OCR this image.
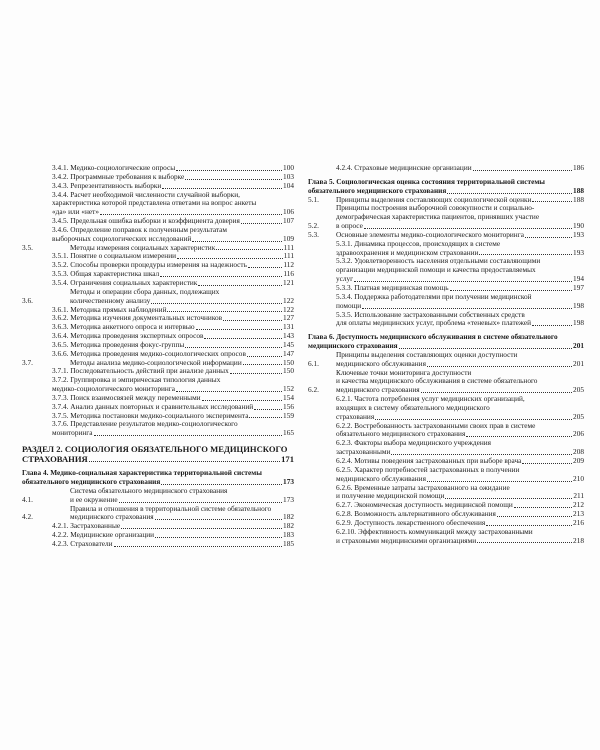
3.4.1. Медико-социологические опросы	100
3.4.2. Программные требования к выборке	103
3.4.3. Репрезентативность выборки	104
3.4.4. Расчет необходимой численности случайной выборки,
характеристика которой представлена ответами на вопрос анкеты
«да» или «нет»	106
3.4.5. Предельная ошибка выборки и коэффициента доверия	107
3.4.6. Определение поправок к полученным результатам
выборочных социологических исследований	109
3.5.	Методы измерения социальных характеристик	111
3.5.1. Понятие о социальном измерении	111
3.5.2. Способы проверки процедуры измерения на надежность	112
3.5.3. Общая характеристика шкал	116
3.5.4. Ограничения социальных характеристик	121
3.6.
Методы и операции сбора данных, подлежащих
количественному анализу	122
3.6.1. Методика прямых наблюдений	122
3.6.2. Методика изучения документальных источников	127
3.6.3. Методика анкетного опроса и интервью	131
3.6.4. Методика проведения экспертных опросов	143
3.6.5. Методика проведения фокус-группы	145
3.6.6. Методика проведения медико-социологических опросов	147
3.7.	Методы анализа медико-социологической информации	150
3.7.1. Последовательность действий при анализе данных	150
3.7.2. Группировка и эмпирическая типология данных
медико-социологического мониторинга	152
3.7.3. Поиск взаимосвязей между переменными	154
3.7.4. Анализ данных повторных и сравнительных исследований	156
3.7.5. Методика постановки медико-социального эксперимента	159
3.7.6. Представление результатов медико-социологического
мониторинга	165
РАЗДЕЛ 2. СОЦИОЛОГИЯ ОБЯЗАТЕЛЬНОГО МЕДИЦИНСКОГО
СТРАХОВАНИЯ	171
Глава 4. Медико-социальная характеристика территориальной системы
обязательного медицинского страхования	173
4.1.
Система обязательного медицинского страхования
и ее окружение	173
4.2.
Правила и отношения в территориальной системе обязательного
медицинского страхования	182
4.2.1. Застрахованные	182
4.2.2. Медицинские организации	183
4.2.3. Страхователи	185
4.2.4. Страховые медицинские организации	186
Глава 5. Социологическая оценка состояния территориальной системы
обязательного медицинского страхования	188
5.1.	Принципы выделения составляющих социологической оценки	188
5.2.
Принципы построения выборочной совокупности и социально-
демографическая характеристика пациентов, принявших участие
в опросе	190
5.3.	Основные элементы медико-социологического мониторинга	193
5.3.1. Динамика процессов, происходящих в системе
здравоохранения и медицинском страховании	193
5.3.2. Удовлетворенность населения отдельными составляющими
организации медицинской помощи и качества предоставляемых
услуг	194
5.3.3. Платная медицинская помощь	197
5.3.4. Поддержка работодателями при получении медицинской
помощи	198
5.3.5. Использование застрахованными собственных средств
для оплаты медицинских услуг, проблема «теневых» платежей	198
Глава 6. Доступность медицинского обслуживания в системе обязательного
медицинского страхования	201
6.1.
Принципы выделения составляющих оценки доступности
медицинского обслуживания	201
6.2.
Ключевые точки мониторинга доступности
и качества медицинского обслуживания в системе обязательного
медицинского страхования	205
6.2.1. Частота потребления услуг медицинских организаций,
входящих в систему обязательного медицинского
страхования	205
6.2.2. Востребованность застрахованными своих прав в системе
обязательного медицинского страхования	206
6.2.3. Факторы выбора медицинского учреждения
застрахованными	208
6.2.4. Мотивы поведения застрахованных при выборе врача	209
6.2.5. Характер потребностей застрахованных в получении
медицинского обслуживания	210
6.2.6. Временные затраты застрахованного на ожидание
и получение медицинской помощи	211
6.2.7. Экономическая доступность медицинской помощи	212
6.2.8. Возможность альтернативного обслуживания	213
6.2.9. Доступность лекарственного обеспечения	216
6.2.10. Эффективность коммуникаций между застрахованными
и страховыми медицинскими организациями	218
